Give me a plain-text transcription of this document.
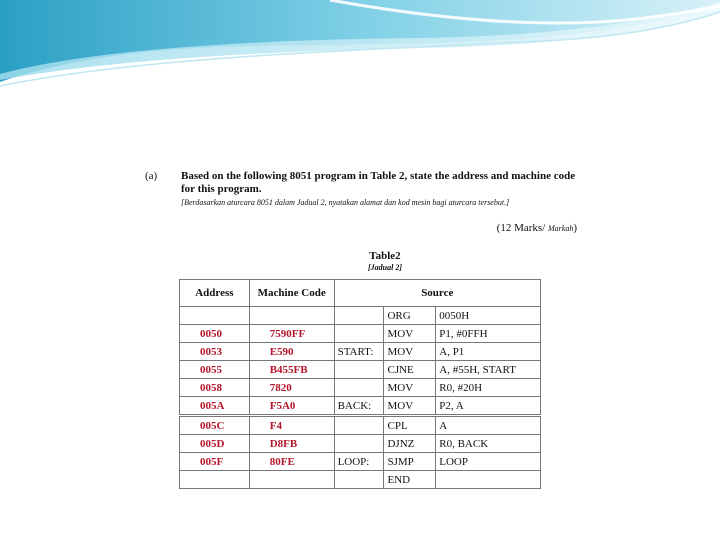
(a) Based on the following 8051 program in Table 2, state the address and machine code for this program.
[Berdasarkan aturcara 8051 dalam Jadual 2, nyatakan alamat dan kod mesin bagi aturcara tersebut.]
(12 Marks/ Markah)
Table2
[Jadual 2]
Address	Machine Code	Source		
			ORG	0050H
0050	7590FF		MOV	P1, #0FFH
0053	E590	START:	MOV	A, P1
0055	B455FB		CJNE	A, #55H, START
0058	7820		MOV	R0, #20H
005A	F5A0	BACK:	MOV	P2, A
005C	F4		CPL	A
005D	D8FB		DJNZ	R0, BACK
005F	80FE	LOOP:	SJMP	LOOP
			END	
